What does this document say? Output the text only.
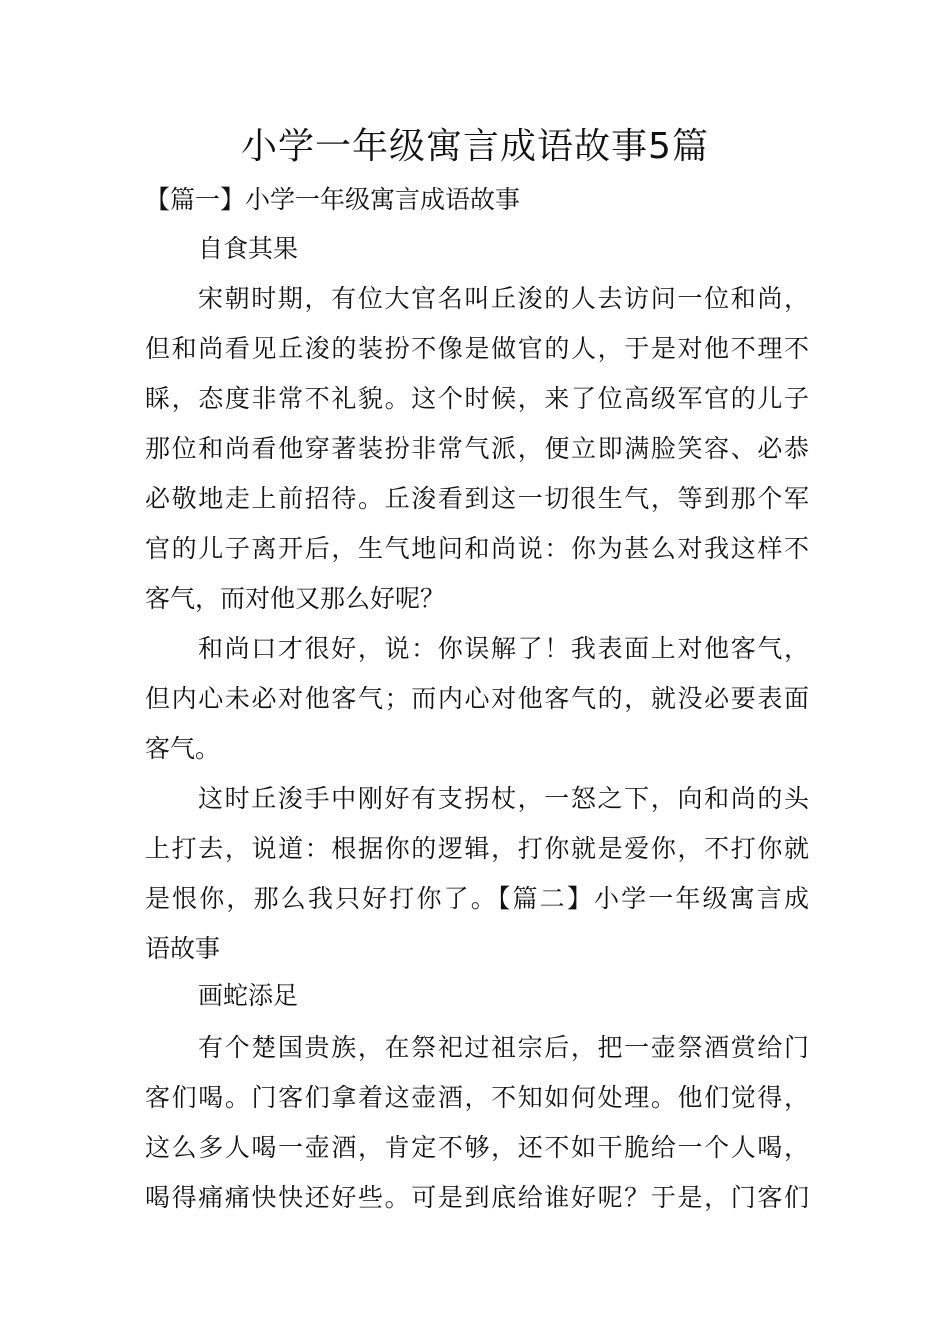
小学一年级寓言成语故事5篇

【篇一】小学一年级寓言成语故事

自食其果

宋朝时期，有位大官名叫丘浚的人去访问一位和尚，
但和尚看见丘浚的装扮不像是做官的人，于是对他不理不
睬，态度非常不礼貌。这个时候，来了位高级军官的儿子
那位和尚看他穿著装扮非常气派，便立即满脸笑容、必恭
必敬地走上前招待。丘浚看到这一切很生气，等到那个军
官的儿子离开后，生气地问和尚说：你为甚么对我这样不
客气，而对他又那么好呢？
和尚口才很好，说：你误解了！我表面上对他客气，
但内心未必对他客气；而内心对他客气的，就没必要表面
客气。
这时丘浚手中刚好有支拐杖，一怒之下，向和尚的头
上打去，说道：根据你的逻辑，打你就是爱你，不打你就
是恨你，那么我只好打你了。【篇二】小学一年级寓言成
语故事

画蛇添足

有个楚国贵族，在祭祀过祖宗后，把一壶祭酒赏给门
客们喝。门客们拿着这壶酒，不知如何处理。他们觉得，
这么多人喝一壶酒，肯定不够，还不如干脆给一个人喝，
喝得痛痛快快还好些。可是到底给谁好呢？于是，门客们
